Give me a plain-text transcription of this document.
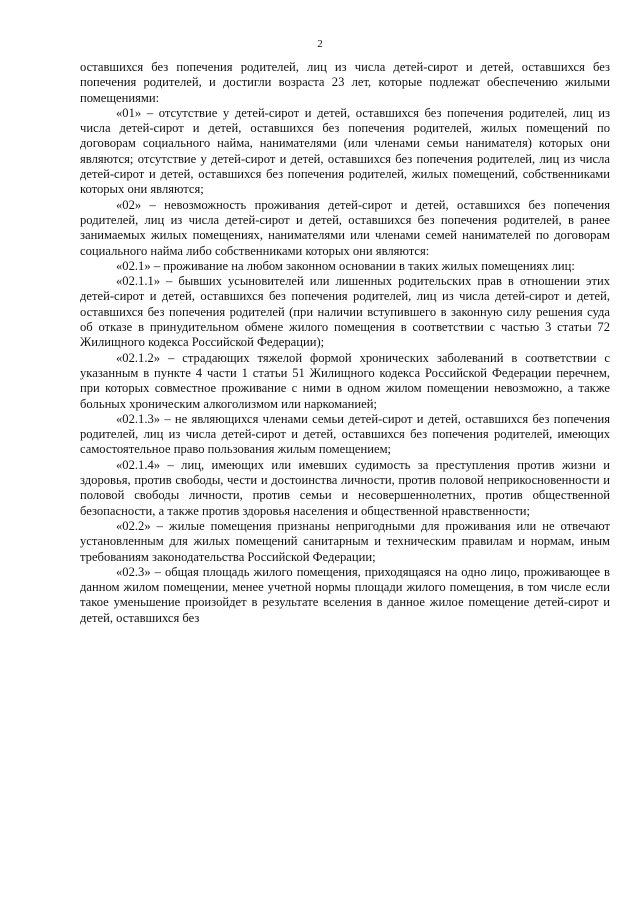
2

оставшихся без попечения родителей, лиц из числа детей-сирот и детей, оставшихся без попечения родителей, и достигли возраста 23 лет, которые подлежат обеспечению жилыми помещениями:

«01» – отсутствие у детей-сирот и детей, оставшихся без попечения родителей, лиц из числа детей-сирот и детей, оставшихся без попечения родителей, жилых помещений по договорам социального найма, нанимателями (или членами семьи нанимателя) которых они являются; отсутствие у детей-сирот и детей, оставшихся без попечения родителей, лиц из числа детей-сирот и детей, оставшихся без попечения родителей, жилых помещений, собственниками которых они являются;

«02» – невозможность проживания детей-сирот и детей, оставшихся без попечения родителей, лиц из числа детей-сирот и детей, оставшихся без попечения родителей, в ранее занимаемых жилых помещениях, нанимателями или членами семей нанимателей по договорам социального найма либо собственниками которых они являются:

«02.1» – проживание на любом законном основании в таких жилых помещениях лиц:

«02.1.1» – бывших усыновителей или лишенных родительских прав в отношении этих детей-сирот и детей, оставшихся без попечения родителей, лиц из числа детей-сирот и детей, оставшихся без попечения родителей (при наличии вступившего в законную силу решения суда об отказе в принудительном обмене жилого помещения в соответствии с частью 3 статьи 72 Жилищного кодекса Российской Федерации);

«02.1.2» – страдающих тяжелой формой хронических заболеваний в соответствии с указанным в пункте 4 части 1 статьи 51 Жилищного кодекса Российской Федерации перечнем, при которых совместное проживание с ними в одном жилом помещении невозможно, а также больных хроническим алкоголизмом или наркоманией;

«02.1.3» – не являющихся членами семьи детей-сирот и детей, оставшихся без попечения родителей, лиц из числа детей-сирот и детей, оставшихся без попечения родителей, имеющих самостоятельное право пользования жилым помещением;

«02.1.4» – лиц, имеющих или имевших судимость за преступления против жизни и здоровья, против свободы, чести и достоинства личности, против половой неприкосновенности и половой свободы личности, против семьи и несовершеннолетних, против общественной безопасности, а также против здоровья населения и общественной нравственности;

«02.2» – жилые помещения признаны непригодными для проживания или не отвечают установленным для жилых помещений санитарным и техническим правилам и нормам, иным требованиям законодательства Российской Федерации;

«02.3» – общая площадь жилого помещения, приходящаяся на одно лицо, проживающее в данном жилом помещении, менее учетной нормы площади жилого помещения, в том числе если такое уменьшение произойдет в результате вселения в данное жилое помещение детей-сирот и детей, оставшихся без
